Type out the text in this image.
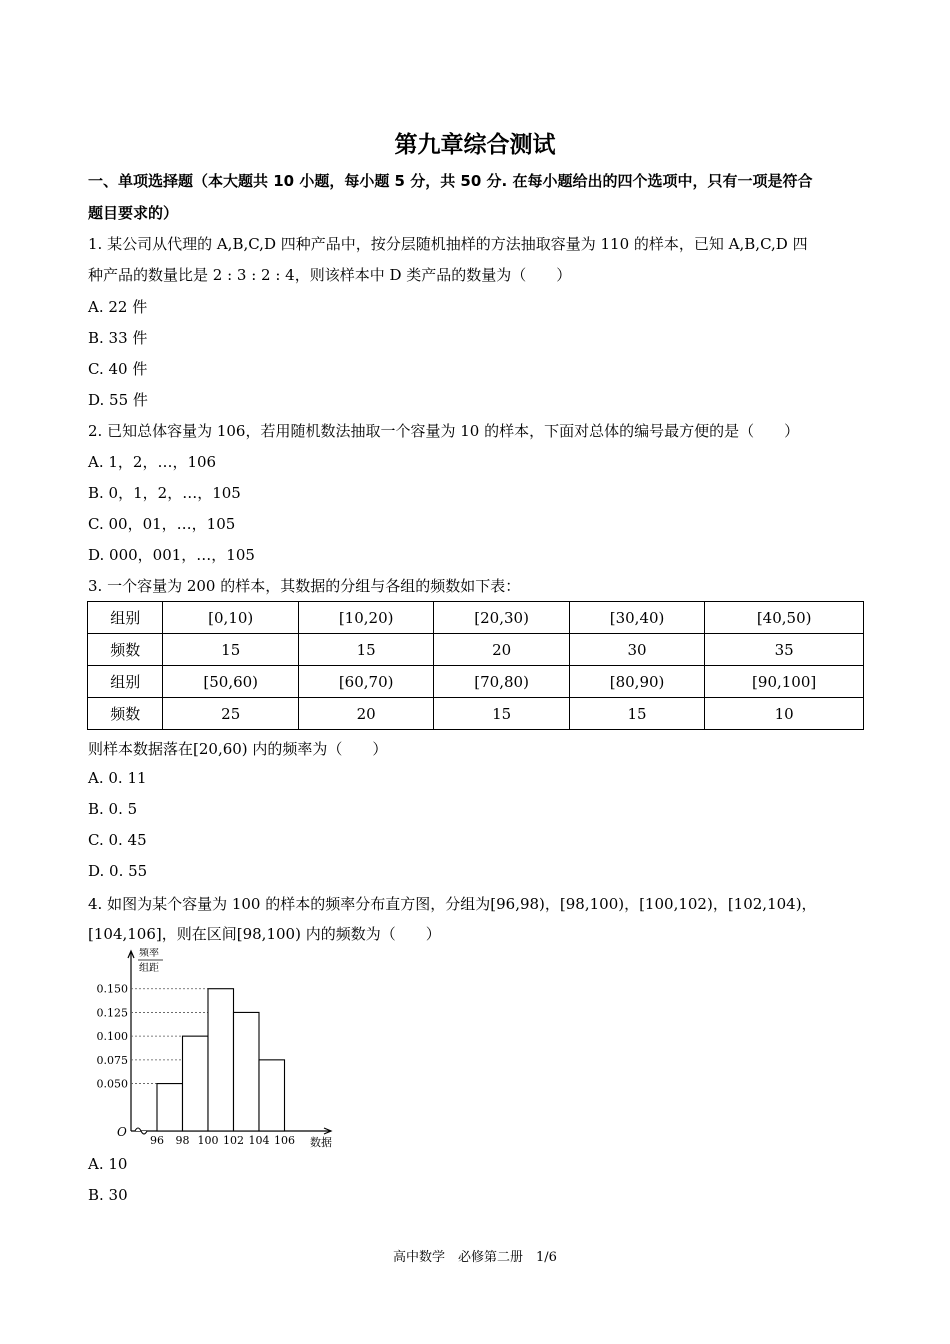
第九章综合测试
一、单项选择题（本大题共 10 小题，每小题 5 分，共 50 分. 在每小题给出的四个选项中，只有一项是符合
题目要求的）
1. 某公司从代理的 A,B,C,D 四种产品中，按分层随机抽样的方法抽取容量为 110 的样本，已知 A,B,C,D 四
种产品的数量比是 2 : 3 : 2 : 4，则该样本中 D 类产品的数量为（　　）
A. 22 件
B. 33 件
C. 40 件
D. 55 件
2. 已知总体容量为 106，若用随机数法抽取一个容量为 10 的样本，下面对总体的编号最方便的是（　　）
A. 1，2，…，106
B. 0，1，2，…，105
C. 00，01，…，105
D. 000，001，…，105
3. 一个容量为 200 的样本，其数据的分组与各组的频数如下表：
组别	[0,10)	[10,20)	[20,30)	[30,40)	[40,50)
频数	15	15	20	30	35
组别	[50,60)	[60,70)	[70,80)	[80,90)	[90,100]
频数	25	20	15	15	10
则样本数据落在[20,60) 内的频率为（　　）
A. 0. 11
B. 0. 5
C. 0. 45
D. 0. 55
4. 如图为某个容量为 100 的样本的频率分布直方图，分组为[96,98)，[98,100)，[100,102)，[102,104)，
[104,106]，则在区间[98,100) 内的频数为（　　）
0.050
0.075
0.100
0.125
0.150
96 98 100 102 104 106
O
频率
组距
数据
A. 10
B. 30
高中数学　必修第二册　1/6
